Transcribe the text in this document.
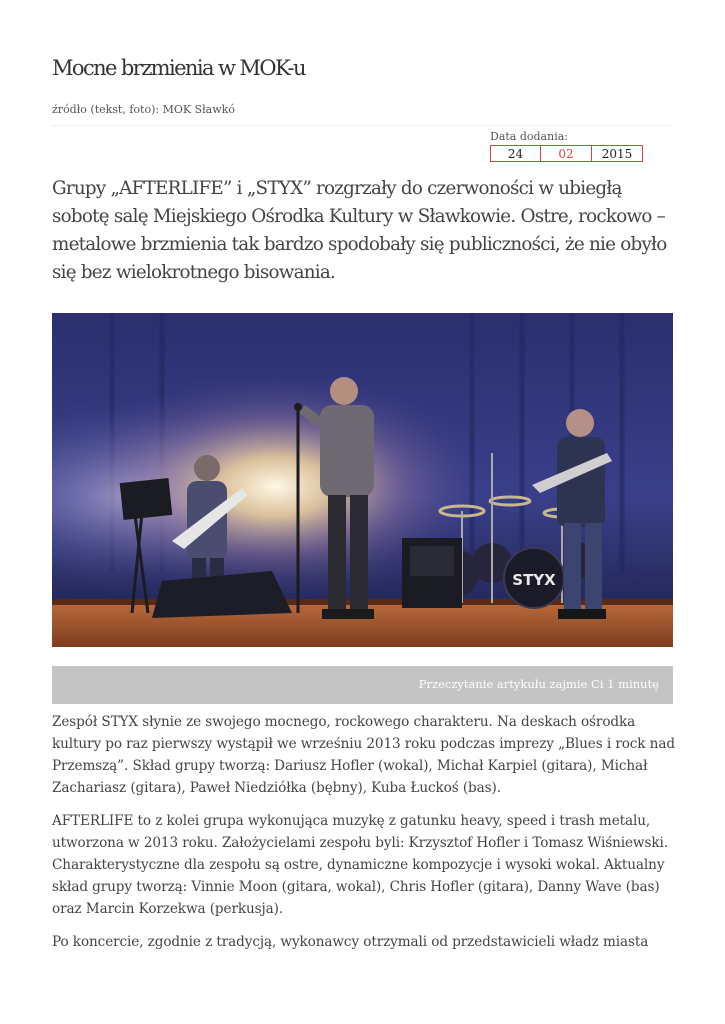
Mocne brzmienia w MOK-u
źródło (tekst, foto): MOK Sławkó
Data dodania:
24	02	2015

Grupy „AFTERLIFE” i „STYX” rozgrzały do czerwoności w ubiegłą sobotę salę Miejskiego Ośrodka Kultury w Sławkowie. Ostre, rockowo – metalowe brzmienia tak bardzo spodobały się publiczności, że nie obyło się bez wielokrotnego bisowania.

STYX
Przeczytanie artykułu zajmie Ci 1 minutę

Zespół STYX słynie ze swojego mocnego, rockowego charakteru. Na deskach ośrodka kultury po raz pierwszy wystąpił we wrześniu 2013 roku podczas imprezy „Blues i rock nad Przemszą”. Skład grupy tworzą: Dariusz Hofler (wokal), Michał Karpiel (gitara), Michał Zachariasz (gitara), Paweł Niedziółka (bębny), Kuba Łuckoś (bas).

AFTERLIFE to z kolei grupa wykonująca muzykę z gatunku heavy, speed i trash metalu, utworzona w 2013 roku. Założycielami zespołu byli: Krzysztof Hofler i Tomasz Wiśniewski. Charakterystyczne dla zespołu są ostre, dynamiczne kompozycje i wysoki wokal. Aktualny skład grupy tworzą: Vinnie Moon (gitara, wokal), Chris Hofler (gitara), Danny Wave (bas) oraz Marcin Korzekwa (perkusja).

Po koncercie, zgodnie z tradycją, wykonawcy otrzymali od przedstawicieli władz miasta
